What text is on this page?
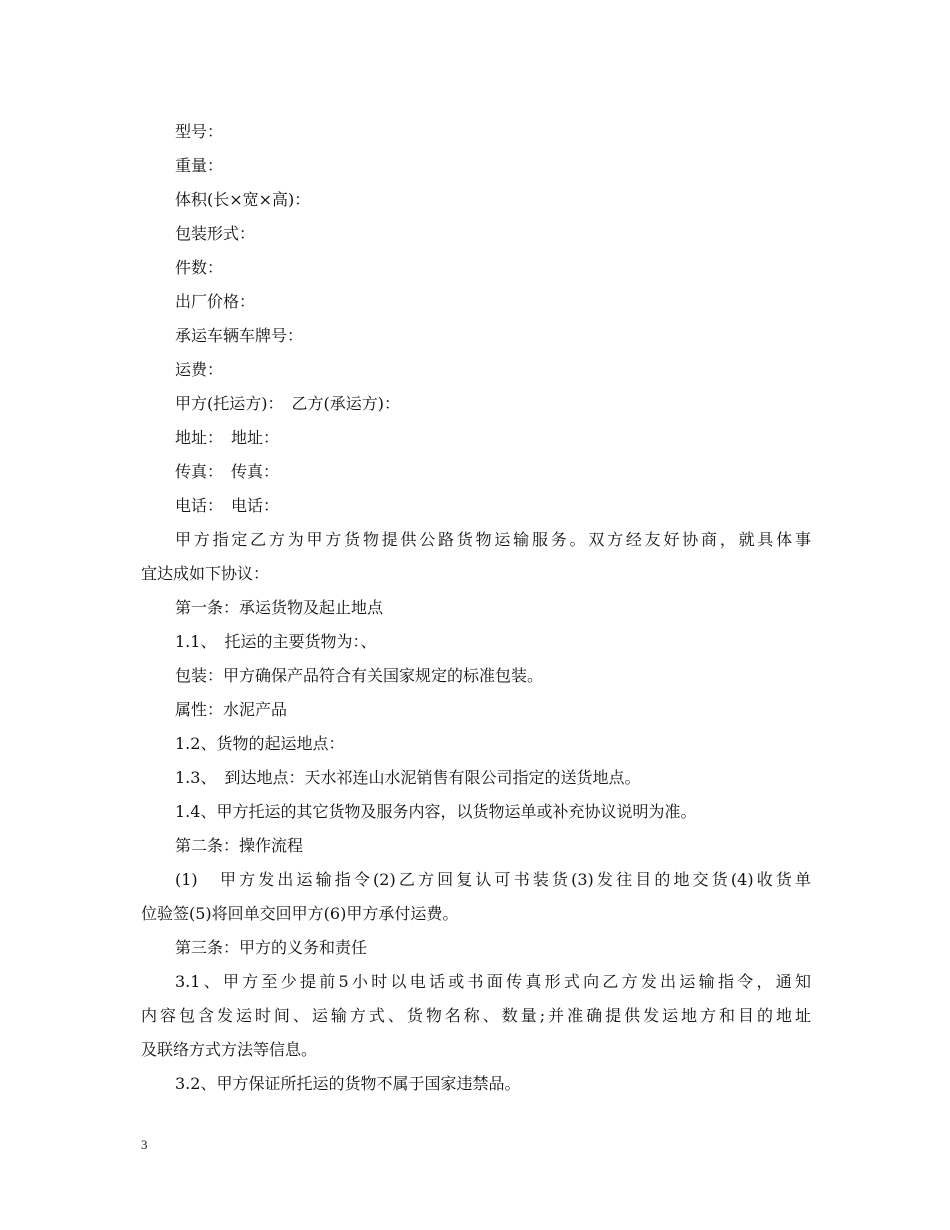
型号：
重量：
体积(长×宽×高)：
包装形式：
件数：
出厂价格：
承运车辆车牌号：
运费：
甲方(托运方)：　乙方(承运方)：
地址：　地址：
传真：　传真：
电话：　电话：
甲方指定乙方为甲方货物提供公路货物运输服务。双方经友好协商，就具体事
宜达成如下协议：
第一条：承运货物及起止地点
1.1、　托运的主要货物为：、
包装：甲方确保产品符合有关国家规定的标准包装。
属性：水泥产品
1.2、货物的起运地点：
1.3、　到达地点：天水祁连山水泥销售有限公司指定的送货地点。
1.4、甲方托运的其它货物及服务内容，以货物运单或补充协议说明为准。
第二条：操作流程
(1)　甲方发出运输指令(2)乙方回复认可书装货(3)发往目的地交货(4)收货单
位验签(5)将回单交回甲方(6)甲方承付运费。
第三条：甲方的义务和责任
3.1、甲方至少提前5小时以电话或书面传真形式向乙方发出运输指令，通知
内容包含发运时间、运输方式、货物名称、数量;并准确提供发运地方和目的地址
及联络方式方法等信息。
3.2、甲方保证所托运的货物不属于国家违禁品。
3
